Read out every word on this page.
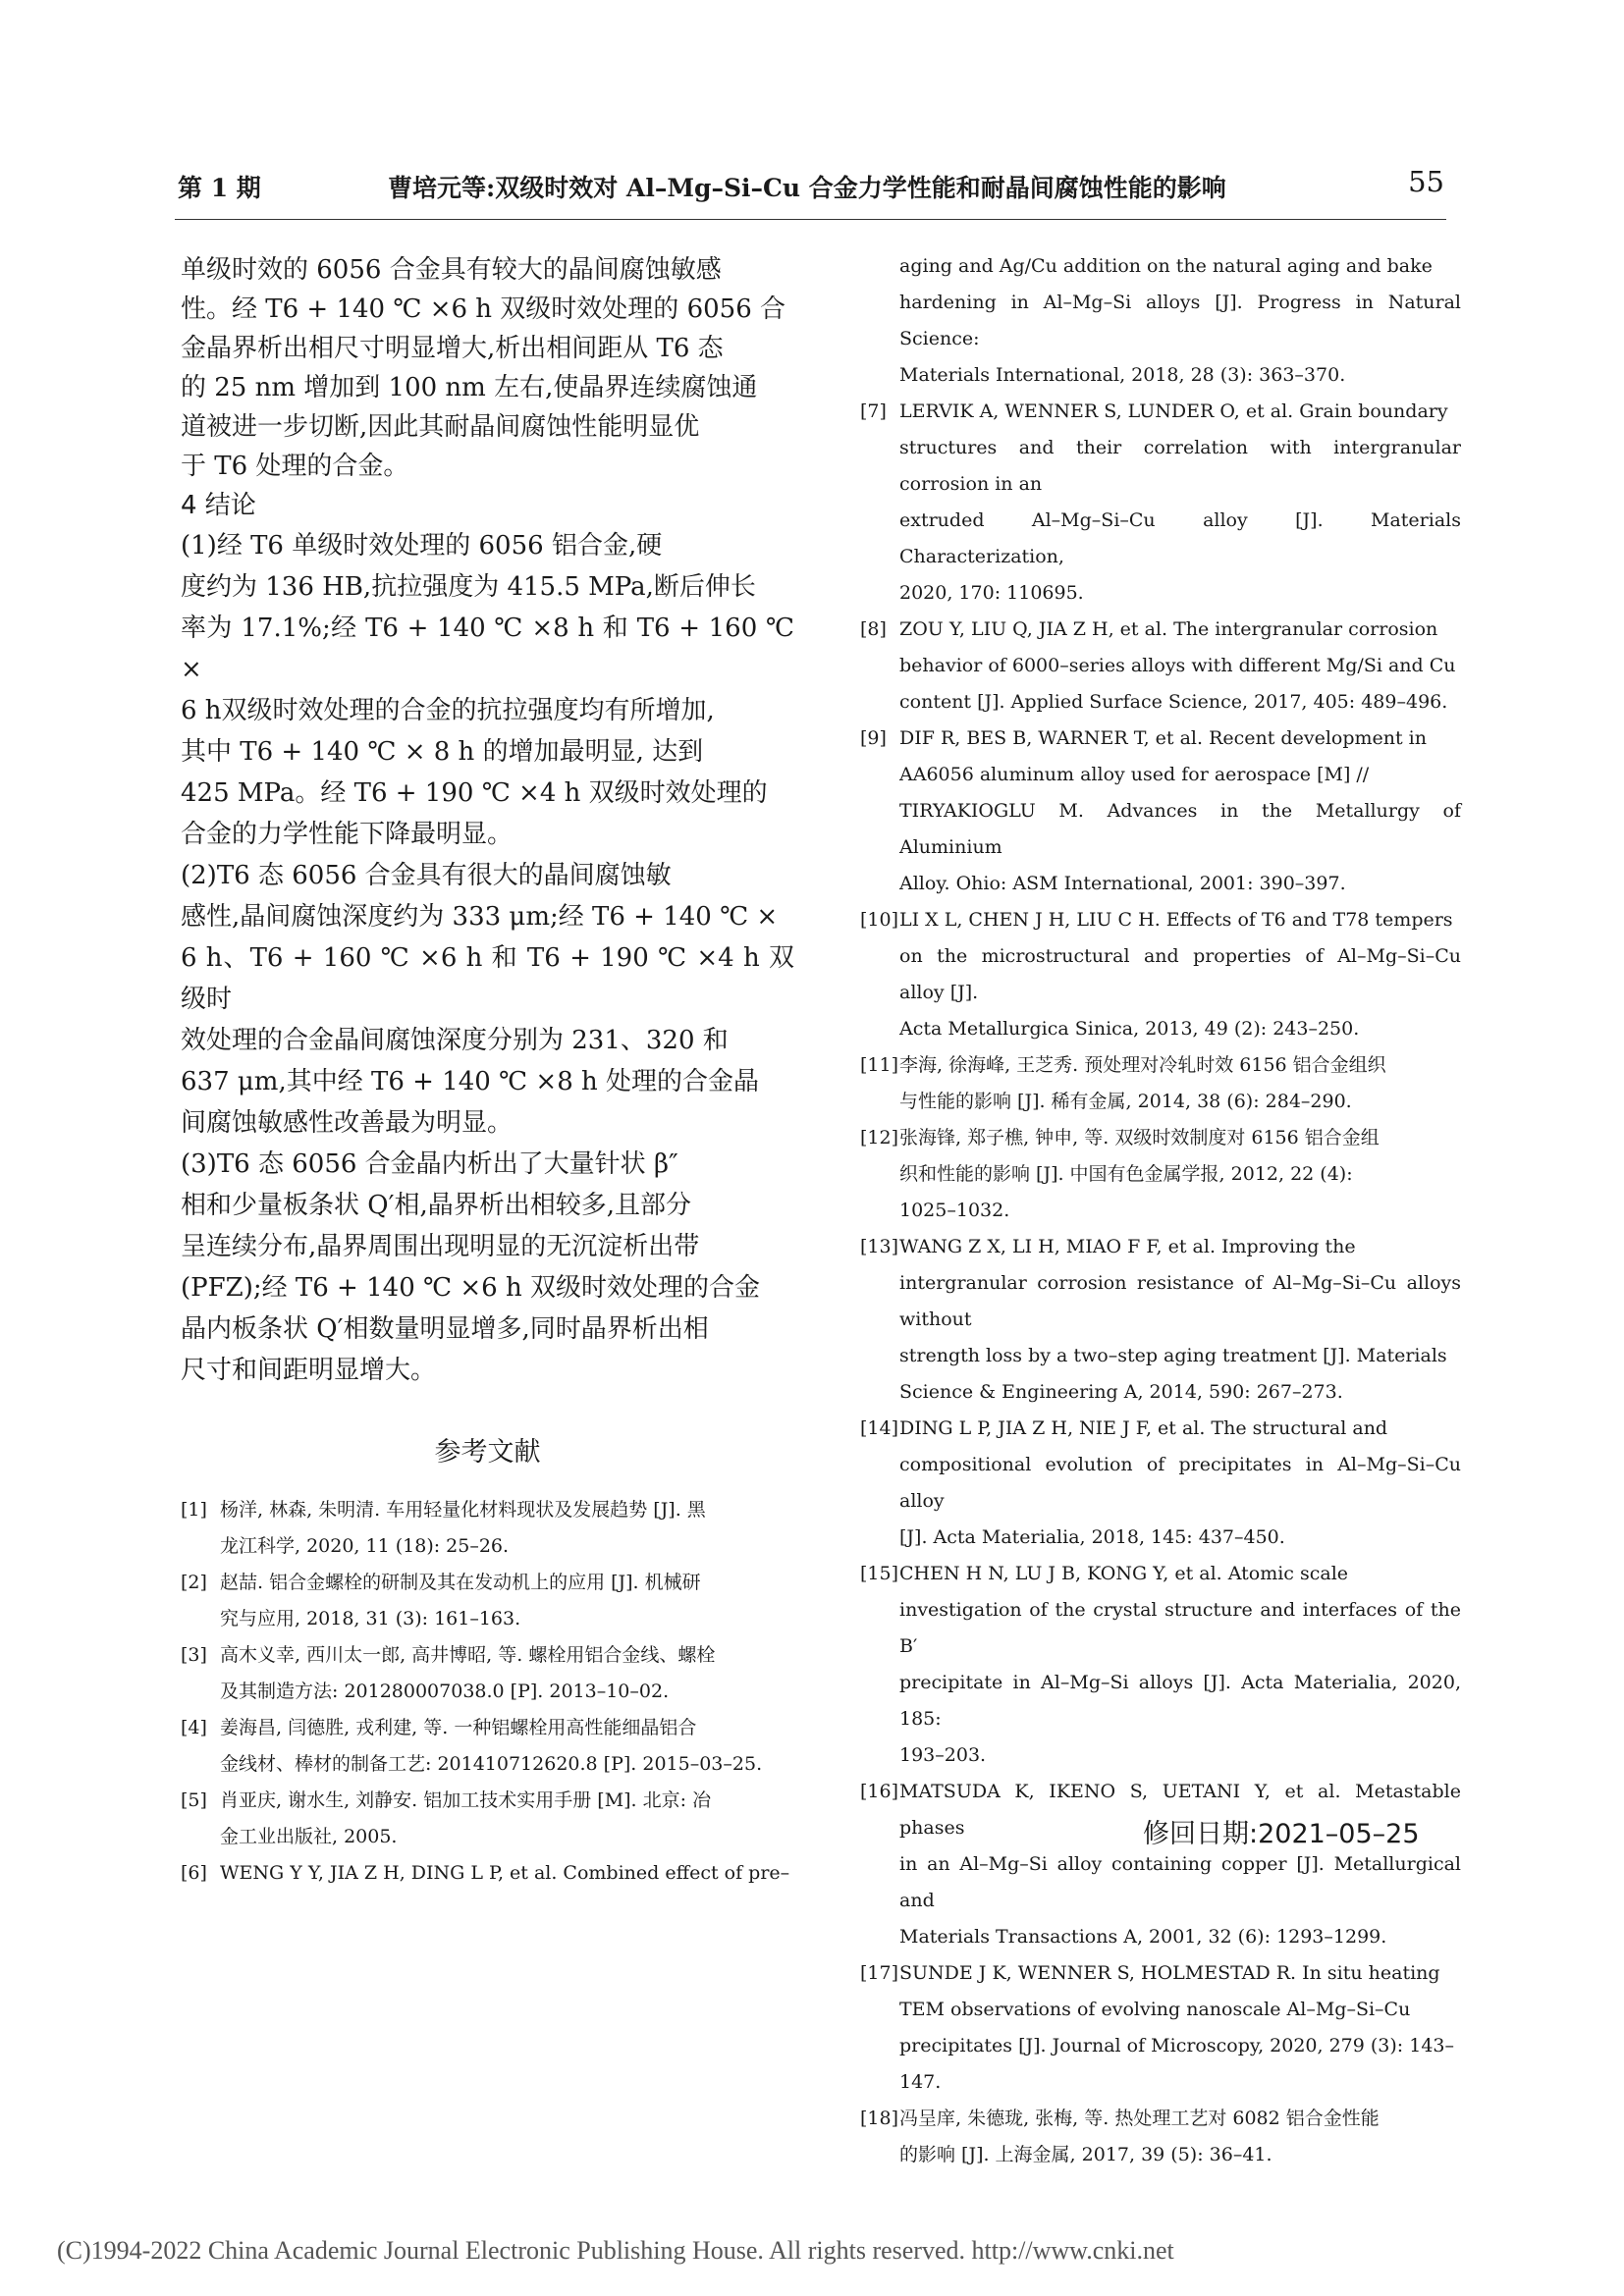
第 1 期	曹培元等:双级时效对 Al–Mg–Si–Cu 合金力学性能和耐晶间腐蚀性能的影响	55

单级时效的 6056 合金具有较大的晶间腐蚀敏感
性。经 T6 + 140 ℃ ×6 h 双级时效处理的 6056 合
金晶界析出相尺寸明显增大,析出相间距从 T6 态
的 25 nm 增加到 100 nm 左右,使晶界连续腐蚀通
道被进一步切断,因此其耐晶间腐蚀性能明显优
于 T6 处理的合金。

4 结论

(1)经 T6 单级时效处理的 6056 铝合金,硬
度约为 136 HB,抗拉强度为 415.5 MPa,断后伸长
率为 17.1%;经 T6 + 140 ℃ ×8 h 和 T6 + 160 ℃ ×
6 h双级时效处理的合金的抗拉强度均有所增加,
其中 T6 + 140 ℃ × 8 h 的增加最明显, 达到
425 MPa。经 T6 + 190 ℃ ×4 h 双级时效处理的
合金的力学性能下降最明显。

(2)T6 态 6056 合金具有很大的晶间腐蚀敏
感性,晶间腐蚀深度约为 333 μm;经 T6 + 140 ℃ ×
6 h、T6 + 160 ℃ ×6 h 和 T6 + 190 ℃ ×4 h 双级时
效处理的合金晶间腐蚀深度分别为 231、320 和
637 μm,其中经 T6 + 140 ℃ ×8 h 处理的合金晶
间腐蚀敏感性改善最为明显。

(3)T6 态 6056 合金晶内析出了大量针状 β″
相和少量板条状 Q′相,晶界析出相较多,且部分
呈连续分布,晶界周围出现明显的无沉淀析出带
(PFZ);经 T6 + 140 ℃ ×6 h 双级时效处理的合金
晶内板条状 Q′相数量明显增多,同时晶界析出相
尺寸和间距明显增大。

参考文献

[1] 杨洋, 林森, 朱明清. 车用轻量化材料现状及发展趋势 [J]. 黑
龙江科学, 2020, 11 (18): 25–26.

[2] 赵喆. 铝合金螺栓的研制及其在发动机上的应用 [J]. 机械研
究与应用, 2018, 31 (3): 161–163.

[3] 高木义幸, 西川太一郎, 高井博昭, 等. 螺栓用铝合金线、螺栓
及其制造方法: 201280007038.0 [P]. 2013–10–02.

[4] 姜海昌, 闫德胜, 戎利建, 等. 一种铝螺栓用高性能细晶铝合
金线材、棒材的制备工艺: 201410712620.8 [P]. 2015–03–25.

[5] 肖亚庆, 谢水生, 刘静安. 铝加工技术实用手册 [M]. 北京: 冶
金工业出版社, 2005.

[6] WENG Y Y, JIA Z H, DING L P, et al. Combined effect of pre–

aging and Ag/Cu addition on the natural aging and bake
hardening in Al–Mg–Si alloys [J]. Progress in Natural Science:
Materials International, 2018, 28 (3): 363–370.

[7] LERVIK A, WENNER S, LUNDER O, et al. Grain boundary
structures and their correlation with intergranular corrosion in an
extruded Al–Mg–Si–Cu alloy [J]. Materials Characterization,
2020, 170: 110695.

[8] ZOU Y, LIU Q, JIA Z H, et al. The intergranular corrosion
behavior of 6000–series alloys with different Mg/Si and Cu
content [J]. Applied Surface Science, 2017, 405: 489–496.

[9] DIF R, BES B, WARNER T, et al. Recent development in
AA6056 aluminum alloy used for aerospace [M] //
TIRYAKIOGLU M. Advances in the Metallurgy of Aluminium
Alloy. Ohio: ASM International, 2001: 390–397.

[10] LI X L, CHEN J H, LIU C H. Effects of T6 and T78 tempers
on the microstructural and properties of Al–Mg–Si–Cu alloy [J].
Acta Metallurgica Sinica, 2013, 49 (2): 243–250.

[11] 李海, 徐海峰, 王芝秀. 预处理对冷轧时效 6156 铝合金组织
与性能的影响 [J]. 稀有金属, 2014, 38 (6): 284–290.

[12] 张海锋, 郑子樵, 钟申, 等. 双级时效制度对 6156 铝合金组
织和性能的影响 [J]. 中国有色金属学报, 2012, 22 (4):
1025–1032.

[13] WANG Z X, LI H, MIAO F F, et al. Improving the
intergranular corrosion resistance of Al–Mg–Si–Cu alloys without
strength loss by a two–step aging treatment [J]. Materials
Science & Engineering A, 2014, 590: 267–273.

[14] DING L P, JIA Z H, NIE J F, et al. The structural and
compositional evolution of precipitates in Al–Mg–Si–Cu alloy
[J]. Acta Materialia, 2018, 145: 437–450.

[15] CHEN H N, LU J B, KONG Y, et al. Atomic scale
investigation of the crystal structure and interfaces of the B′
precipitate in Al–Mg–Si alloys [J]. Acta Materialia, 2020, 185:
193–203.

[16] MATSUDA K, IKENO S, UETANI Y, et al. Metastable phases
in an Al–Mg–Si alloy containing copper [J]. Metallurgical and
Materials Transactions A, 2001, 32 (6): 1293–1299.

[17] SUNDE J K, WENNER S, HOLMESTAD R. In situ heating
TEM observations of evolving nanoscale Al–Mg–Si–Cu
precipitates [J]. Journal of Microscopy, 2020, 279 (3): 143–
147.

[18] 冯呈庠, 朱德珑, 张梅, 等. 热处理工艺对 6082 铝合金性能
的影响 [J]. 上海金属, 2017, 39 (5): 36–41.

修回日期:2021–05–25
(C)1994-2022 China Academic Journal Electronic Publishing House. All rights reserved. http://www.cnki.net
